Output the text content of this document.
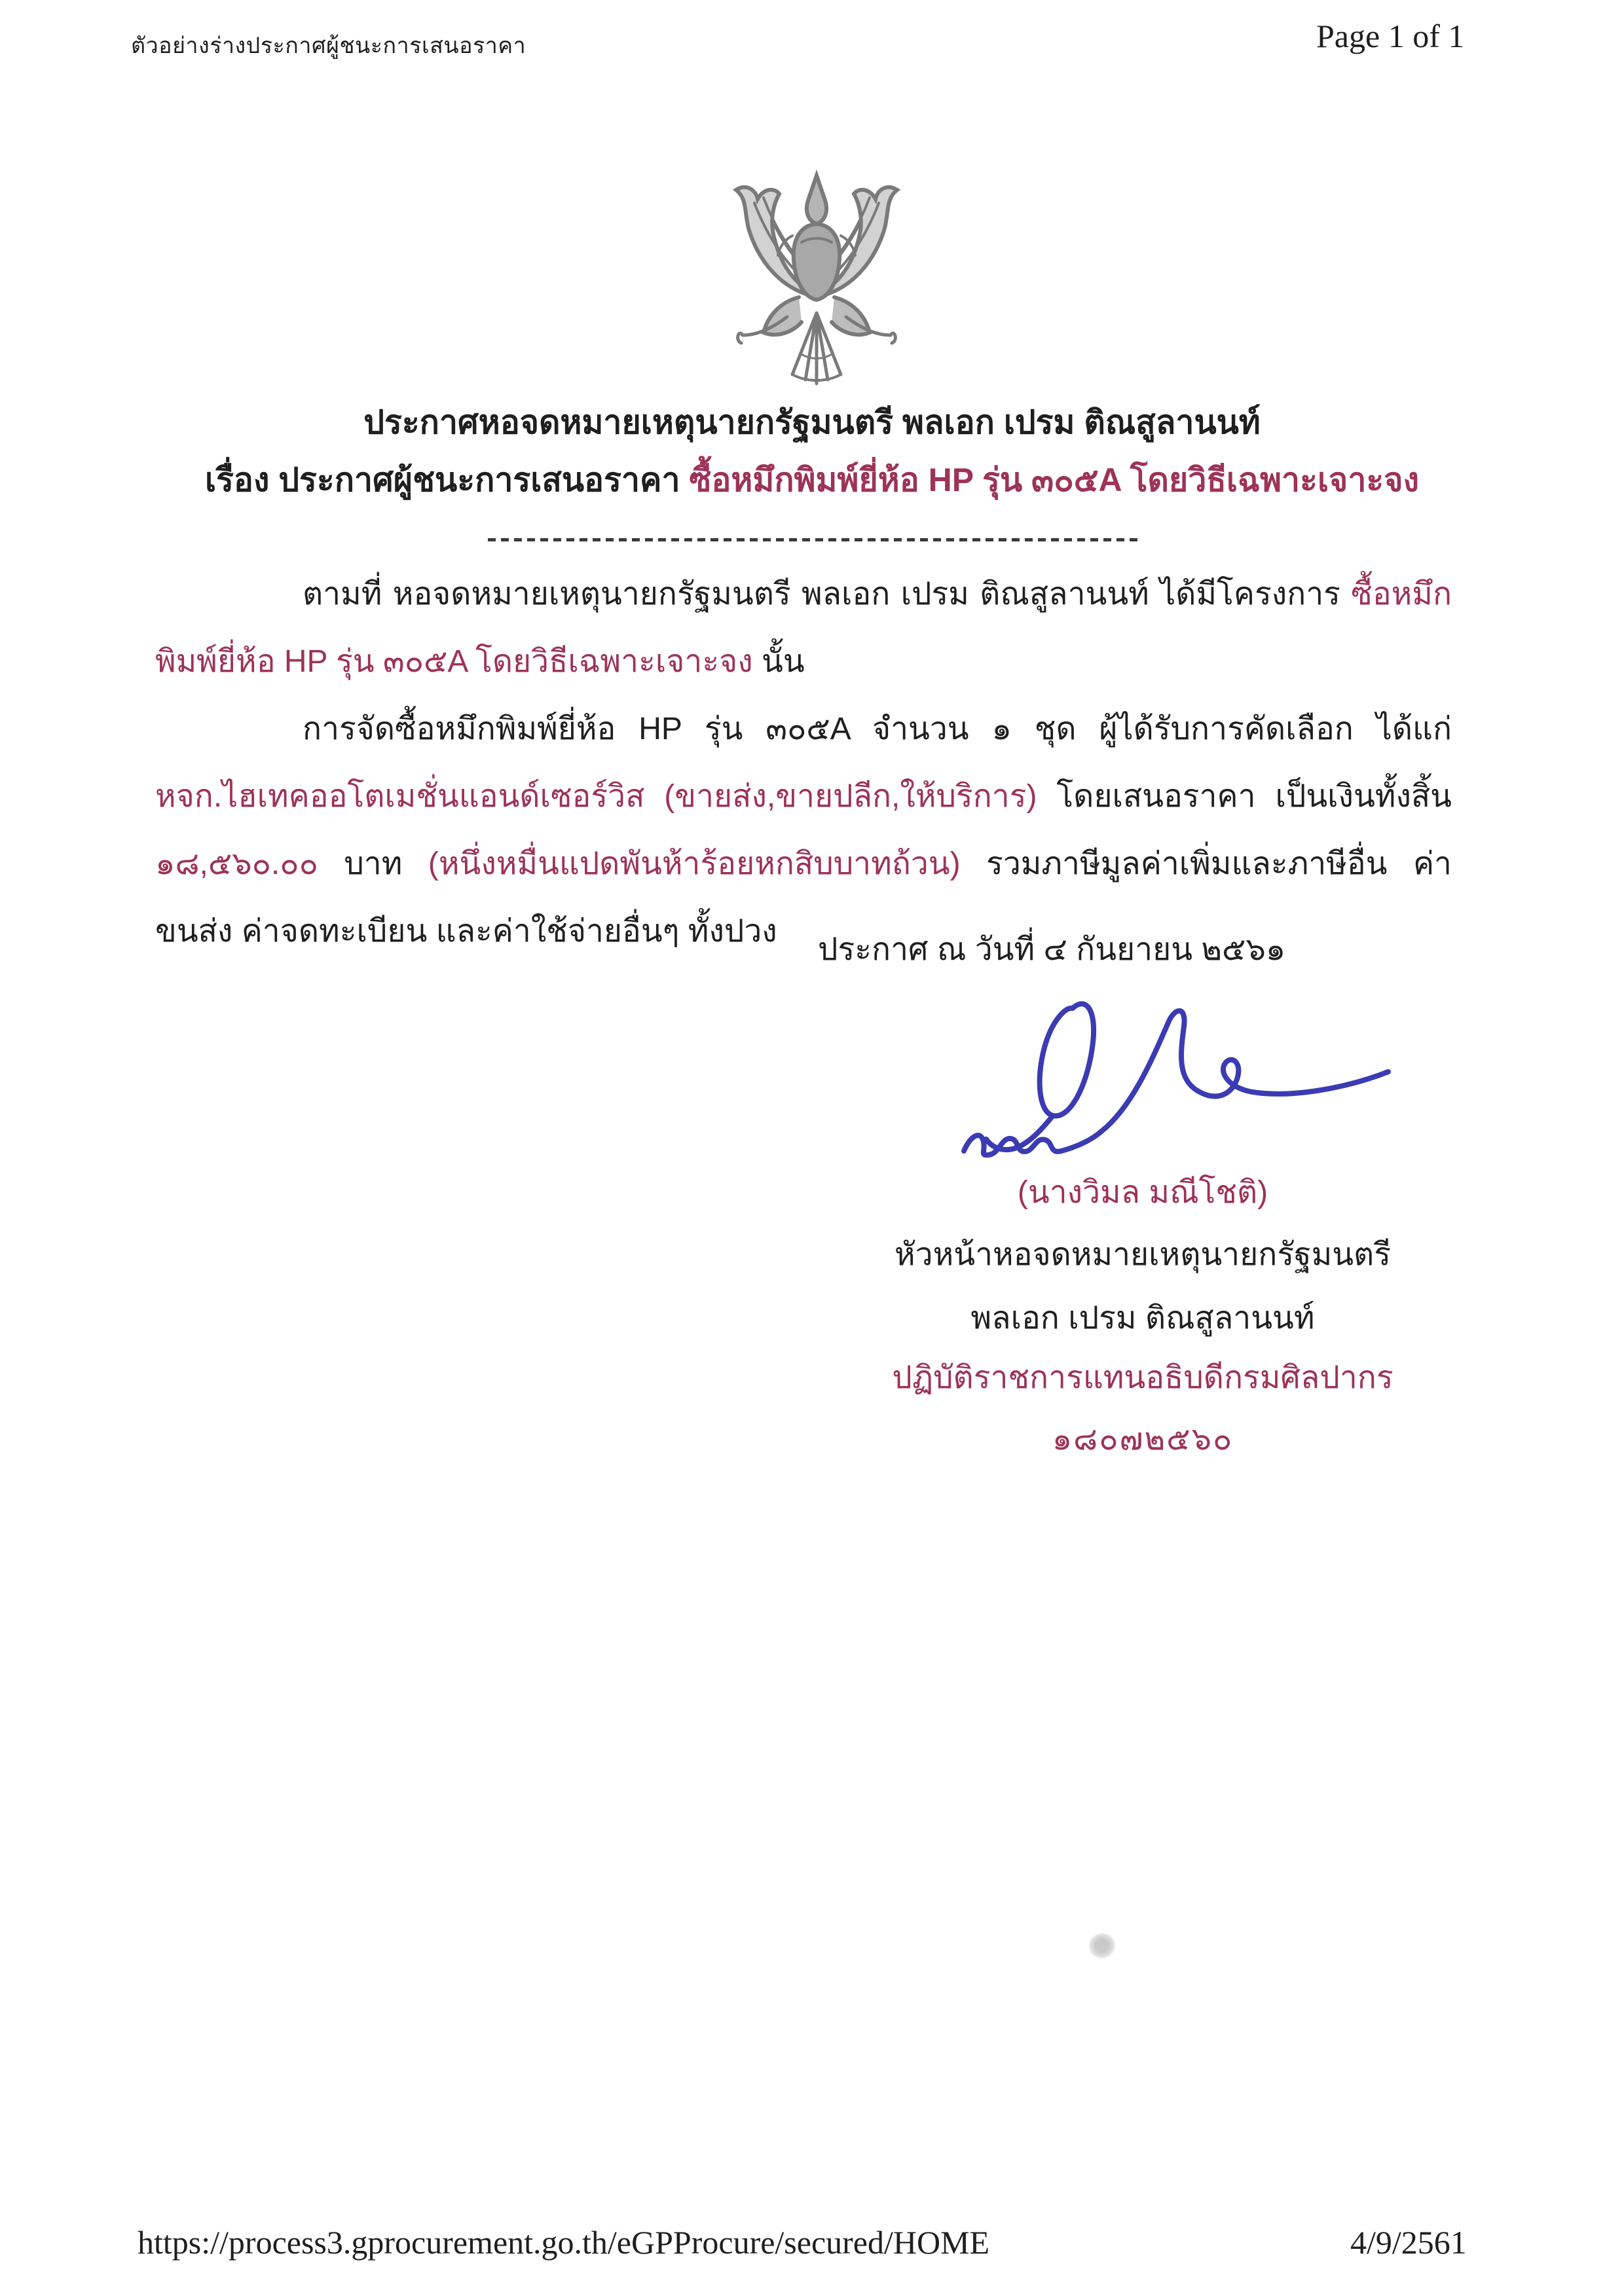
ตัวอย่างร่างประกาศผู้ชนะการเสนอราคา	Page 1 of 1
ประกาศหอจดหมายเหตุนายกรัฐมนตรี พลเอก เปรม ติณสูลานนท์
เรื่อง ประกาศผู้ชนะการเสนอราคา ซื้อหมึกพิมพ์ยี่ห้อ HP รุ่น ๓๐๕A โดยวิธีเฉพาะเจาะจง

ตามที่ หอจดหมายเหตุนายกรัฐมนตรี พลเอก เปรม ติณสูลานนท์ ได้มีโครงการ ซื้อหมึกพิมพ์ยี่ห้อ HP รุ่น ๓๐๕A โดยวิธีเฉพาะเจาะจง นั้น

การจัดซื้อหมึกพิมพ์ยี่ห้อ HP รุ่น ๓๐๕A จำนวน ๑ ชุด ผู้ได้รับการคัดเลือก ได้แก่ หจก.ไฮเทคออโตเมชั่นแอนด์เซอร์วิส (ขายส่ง,ขายปลีก,ให้บริการ) โดยเสนอราคา เป็นเงินทั้งสิ้น ๑๘,๕๖๐.๐๐ บาท (หนึ่งหมื่นแปดพันห้าร้อยหกสิบบาทถ้วน) รวมภาษีมูลค่าเพิ่มและภาษีอื่น ค่าขนส่ง ค่าจดทะเบียน และค่าใช้จ่ายอื่นๆ ทั้งปวง

ประกาศ ณ วันที่ ๔ กันยายน ๒๕๖๑
(นางวิมล มณีโชติ)
หัวหน้าหอจดหมายเหตุนายกรัฐมนตรี
พลเอก เปรม ติณสูลานนท์
ปฏิบัติราชการแทนอธิบดีกรมศิลปากร
๑๘๐๗๒๕๖๐
https://process3.gprocurement.go.th/eGPProcure/secured/HOME	4/9/2561
